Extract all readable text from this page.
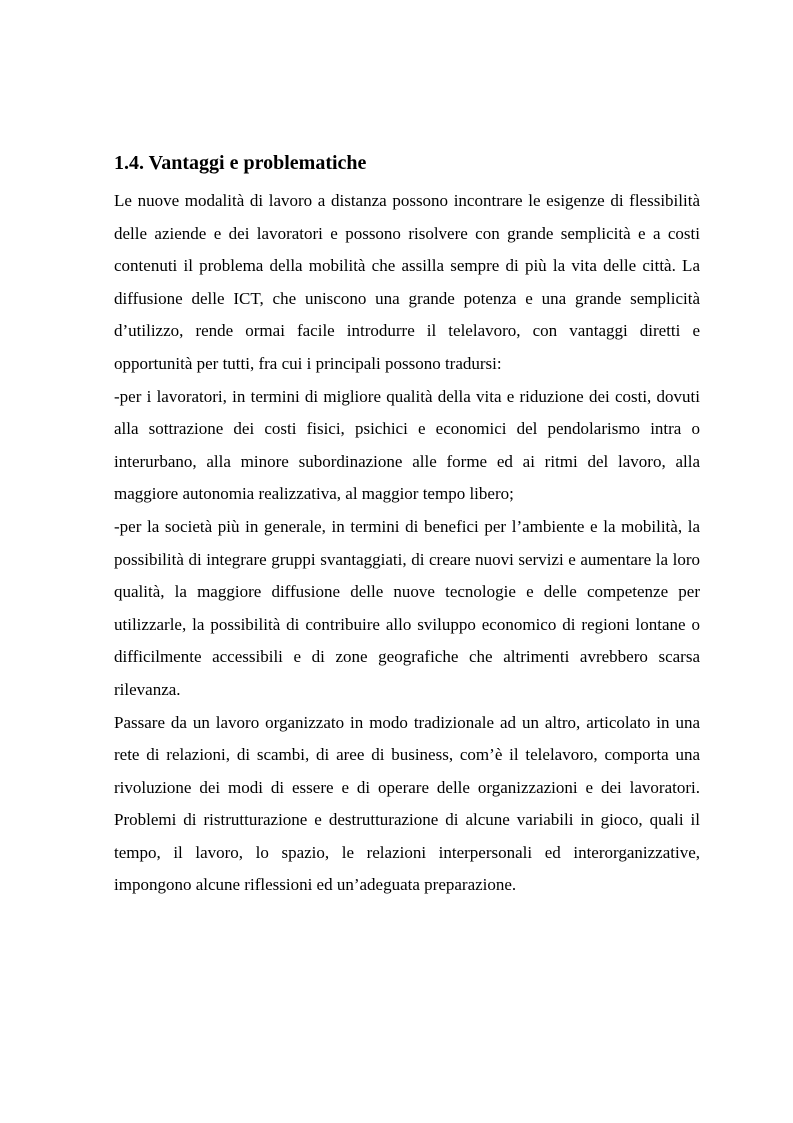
1.4. Vantaggi e problematiche

Le nuove modalità di lavoro a distanza possono incontrare le esigenze di flessibilità delle aziende e dei lavoratori e possono risolvere con grande semplicità e a costi contenuti il problema della mobilità che assilla sempre di più la vita delle città. La diffusione delle ICT, che uniscono una grande potenza e una grande semplicità d’utilizzo, rende ormai facile introdurre il telelavoro, con vantaggi diretti e opportunità per tutti, fra cui i principali possono tradursi:

-per i lavoratori, in termini di migliore qualità della vita e riduzione dei costi, dovuti alla sottrazione dei costi fisici, psichici e economici del pendolarismo intra o interurbano, alla minore subordinazione alle forme ed ai ritmi del lavoro, alla maggiore autonomia realizzativa, al maggior tempo libero;

-per la società più in generale, in termini di benefici per l’ambiente e la mobilità, la possibilità di integrare gruppi svantaggiati, di creare nuovi servizi e aumentare la loro qualità, la maggiore diffusione delle nuove tecnologie e delle competenze per utilizzarle, la possibilità di contribuire allo sviluppo economico di regioni lontane o difficilmente accessibili e di zone geografiche che altrimenti avrebbero scarsa rilevanza.

Passare da un lavoro organizzato in modo tradizionale ad un altro, articolato in una rete di relazioni, di scambi, di aree di business, com’è il telelavoro, comporta una rivoluzione dei modi di essere e di operare delle organizzazioni e dei lavoratori. Problemi di ristrutturazione e destrutturazione di alcune variabili in gioco, quali il tempo, il lavoro, lo spazio, le relazioni interpersonali ed interorganizzative, impongono alcune riflessioni ed un’adeguata preparazione.
